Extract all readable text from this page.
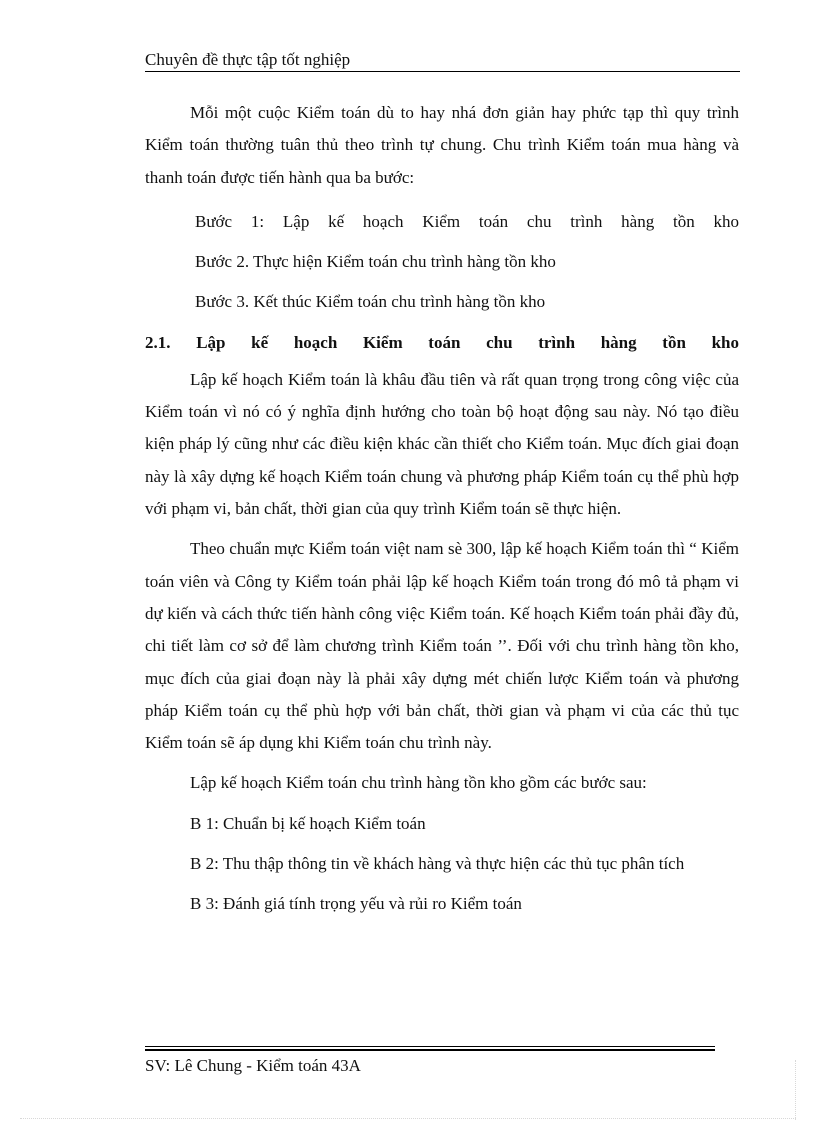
Chuyên đề thực tập tốt nghiệp

Mỗi một cuộc Kiểm toán dù to hay nhá đơn giản hay phức tạp thì quy trình Kiểm toán thường tuân thủ theo trình tự chung. Chu trình Kiểm toán mua hàng và thanh toán được tiến hành qua ba bước:

Bước 1: Lập kế hoạch Kiểm toán chu trình hàng tồn kho

Bước 2. Thực hiện Kiểm toán chu trình hàng tồn kho

Bước 3. Kết thúc Kiểm toán chu trình hàng tồn kho

2.1. Lập kế hoạch Kiểm toán chu trình hàng tồn kho

Lập kế hoạch Kiểm toán là khâu đầu tiên và rất quan trọng trong công việc của Kiểm toán vì nó có ý nghĩa định hướng cho toàn bộ hoạt động sau này. Nó tạo điều kiện pháp lý cũng như các điều kiện khác cần thiết cho Kiểm toán. Mục đích giai đoạn này là xây dựng kế hoạch Kiểm toán chung và phương pháp Kiểm toán cụ thể phù hợp với phạm vi, bản chất, thời gian của quy trình Kiểm toán sẽ thực hiện.

Theo chuẩn mực Kiểm toán việt nam sè 300, lập kế hoạch Kiểm toán thì “ Kiểm toán viên và Công ty Kiểm toán phải lập kế hoạch Kiểm toán trong đó mô tả phạm vi dự kiến và cách thức tiến hành công việc Kiểm toán. Kế hoạch Kiểm toán phải đầy đủ, chi tiết làm cơ sở để làm chương trình Kiểm toán ’’. Đối với chu trình hàng tồn kho, mục đích của giai đoạn này là phải xây dựng mét chiến lược Kiểm toán và phương pháp Kiểm toán cụ thể phù hợp với bản chất, thời gian và phạm vi của các thủ tục Kiểm toán sẽ áp dụng khi Kiểm toán chu trình này.

Lập kế hoạch Kiểm toán chu trình hàng tồn kho gồm các bước sau:

B 1: Chuẩn bị kế hoạch Kiểm toán

B 2: Thu thập thông tin về khách hàng và thực hiện các thủ tục phân tích

B 3: Đánh giá tính trọng yếu và rủi ro Kiểm toán

SV: Lê Chung - Kiểm toán 43A
